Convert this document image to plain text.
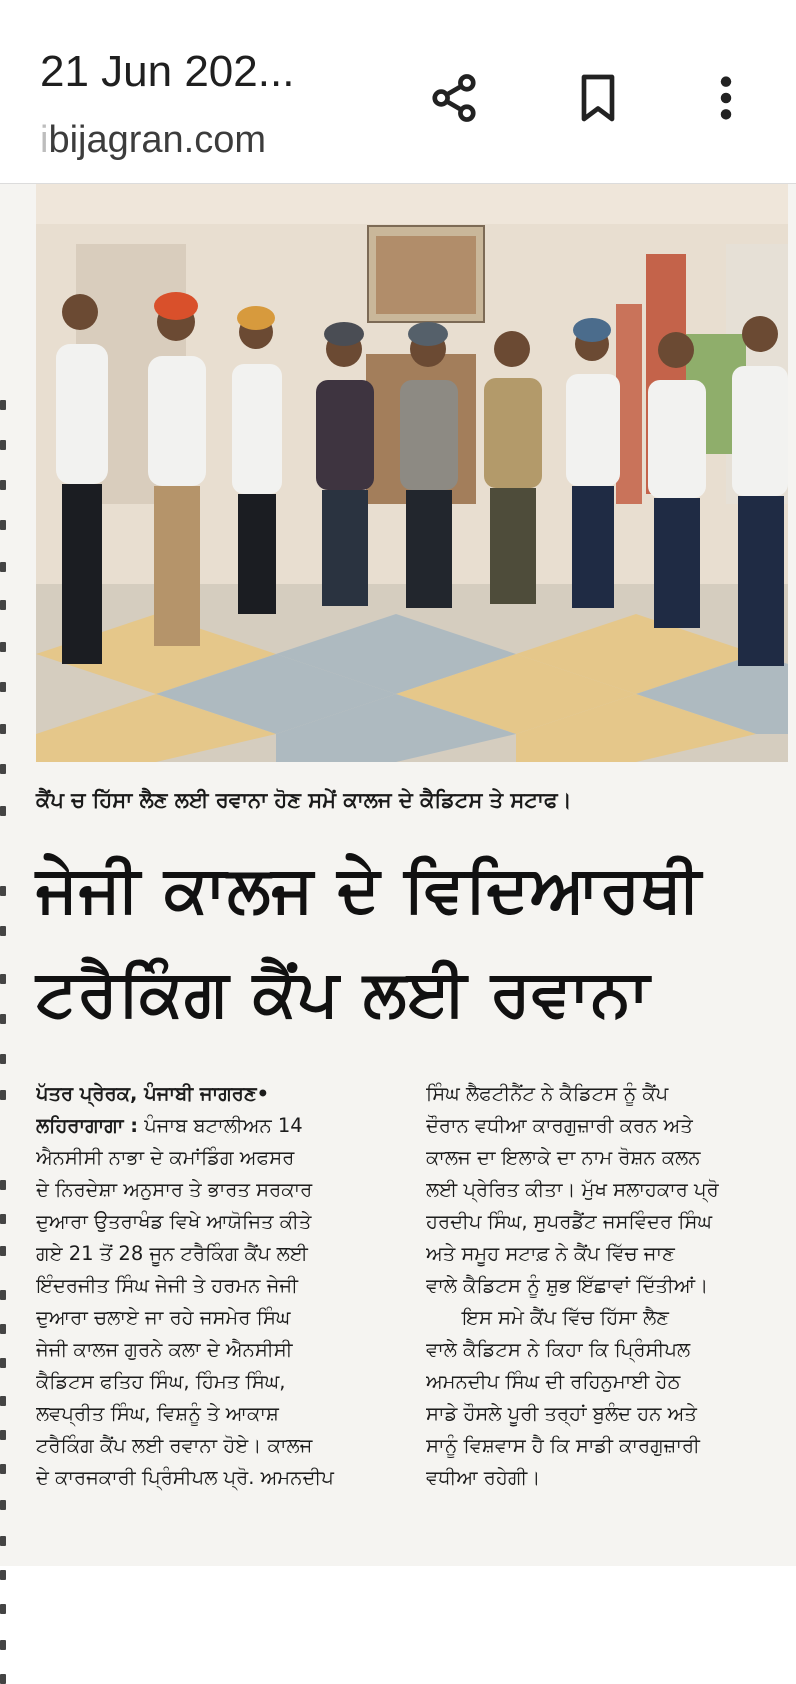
21 Jun 202...
ibijagran.com
ਕੈਂਪ ਚ ਹਿੱਸਾ ਲੈਣ ਲਈ ਰਵਾਨਾ ਹੋਣ ਸਮੇਂ ਕਾਲਜ ਦੇ ਕੈਡਿਟਸ ਤੇ ਸਟਾਫ।
ਜੇਜੀ ਕਾਲਜ ਦੇ ਵਿਦਿਆਰਥੀ
ਟਰੈਕਿੰਗ ਕੈਂਪ ਲਈ ਰਵਾਨਾ

ਪੱਤਰ ਪ੍ਰੇਰਕ, ਪੰਜਾਬੀ ਜਾਗਰਣ•

ਲਹਿਰਾਗਾਗਾ : ਪੰਜਾਬ ਬਟਾਲੀਅਨ 14

ਐਨਸੀਸੀ ਨਾਭਾ ਦੇ ਕਮਾਂਡਿੰਗ ਅਫਸਰ

ਦੇ ਨਿਰਦੇਸ਼ਾ ਅਨੁਸਾਰ ਤੇ ਭਾਰਤ ਸਰਕਾਰ

ਦੁਆਰਾ ਉਤਰਾਖੰਡ ਵਿਖੇ ਆਯੋਜਿਤ ਕੀਤੇ

ਗਏ 21 ਤੋਂ 28 ਜੂਨ ਟਰੈਕਿੰਗ ਕੈਂਪ ਲਈ

ਇੰਦਰਜੀਤ ਸਿੰਘ ਜੇਜੀ ਤੇ ਹਰਮਨ ਜੇਜੀ

ਦੁਆਰਾ ਚਲਾਏ ਜਾ ਰਹੇ ਜਸਮੇਰ ਸਿੰਘ

ਜੇਜੀ ਕਾਲਜ ਗੁਰਨੇ ਕਲਾ ਦੇ ਐਨਸੀਸੀ

ਕੈਡਿਟਸ ਫਤਿਹ ਸਿੰਘ, ਹਿੰਮਤ ਸਿੰਘ,

ਲਵਪ੍ਰੀਤ ਸਿੰਘ, ਵਿਸ਼ਨੂੰ ਤੇ ਆਕਾਸ਼

ਟਰੈਕਿੰਗ ਕੈਂਪ ਲਈ ਰਵਾਨਾ ਹੋਏ। ਕਾਲਜ

ਦੇ ਕਾਰਜਕਾਰੀ ਪ੍ਰਿੰਸੀਪਲ ਪ੍ਰੋ. ਅਮਨਦੀਪ

ਸਿੰਘ ਲੈਫਟੀਨੈਂਟ ਨੇ ਕੈਡਿਟਸ ਨੂੰ ਕੈਂਪ

ਦੌਰਾਨ ਵਧੀਆ ਕਾਰਗੁਜ਼ਾਰੀ ਕਰਨ ਅਤੇ

ਕਾਲਜ ਦਾ ਇਲਾਕੇ ਦਾ ਨਾਮ ਰੋਸ਼ਨ ਕਲਨ

ਲਈ ਪ੍ਰੇਰਿਤ ਕੀਤਾ। ਮੁੱਖ ਸਲਾਹਕਾਰ ਪ੍ਰੋ

ਹਰਦੀਪ ਸਿੰਘ, ਸੁਪਰਡੈਂਟ ਜਸਵਿੰਦਰ ਸਿੰਘ

ਅਤੇ ਸਮੂਹ ਸਟਾਫ਼ ਨੇ ਕੈਂਪ ਵਿੱਚ ਜਾਣ

ਵਾਲੇ ਕੈਡਿਟਸ ਨੂੰ ਸ਼ੁਭ ਇੱਛਾਵਾਂ ਦਿੱਤੀਆਂ।

ਇਸ ਸਮੇ ਕੈਂਪ ਵਿੱਚ ਹਿੱਸਾ ਲੈਣ

ਵਾਲੇ ਕੈਡਿਟਸ ਨੇ ਕਿਹਾ ਕਿ ਪ੍ਰਿੰਸੀਪਲ

ਅਮਨਦੀਪ ਸਿੰਘ ਦੀ ਰਹਿਨੁਮਾਈ ਹੇਠ

ਸਾਡੇ ਹੌਸਲੇ ਪੂਰੀ ਤਰ੍ਹਾਂ ਬੁਲੰਦ ਹਨ ਅਤੇ

ਸਾਨੂੰ ਵਿਸ਼ਵਾਸ ਹੈ ਕਿ ਸਾਡੀ ਕਾਰਗੁਜ਼ਾਰੀ

ਵਧੀਆ ਰਹੇਗੀ।
